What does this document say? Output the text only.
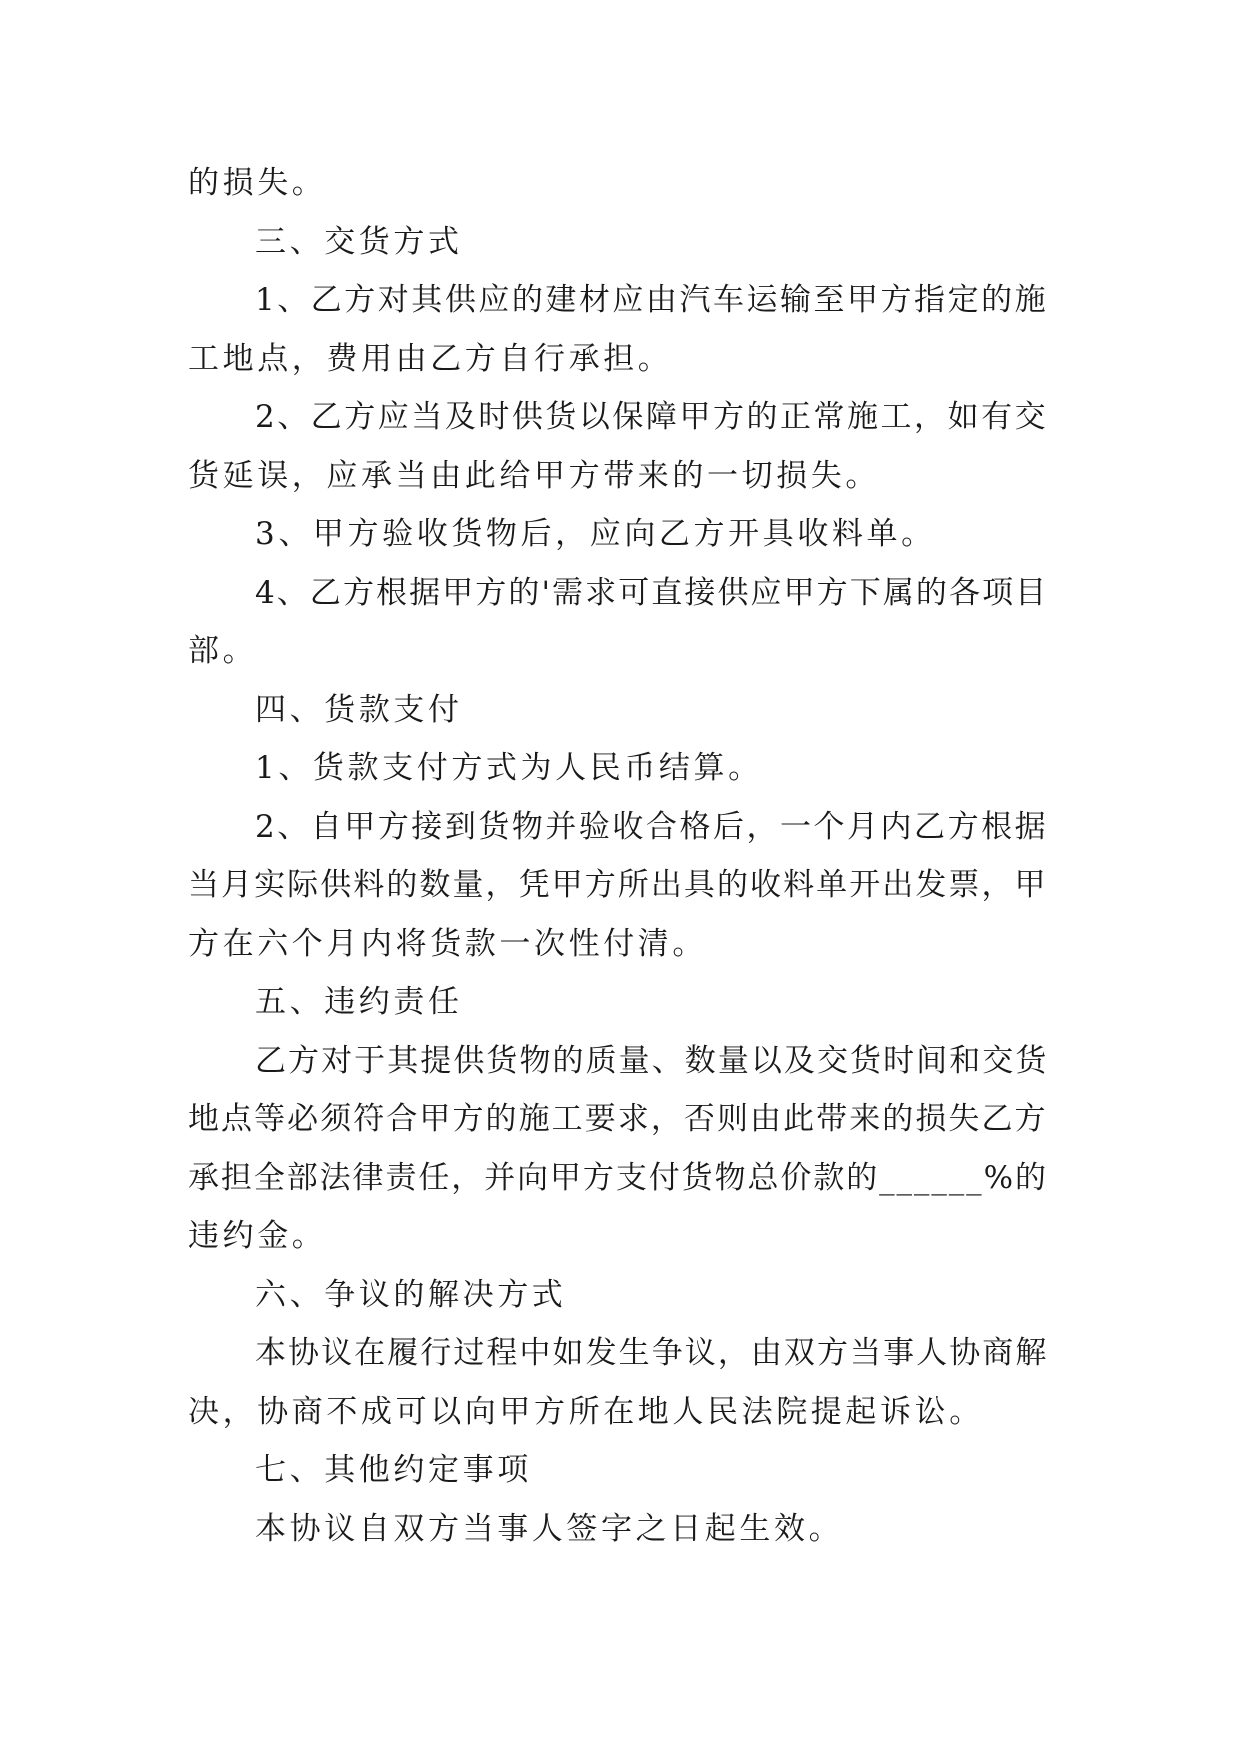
的损失。
三、交货方式
1、乙方对其供应的建材应由汽车运输至甲方指定的施
工地点，费用由乙方自行承担。
2、乙方应当及时供货以保障甲方的正常施工，如有交
货延误，应承当由此给甲方带来的一切损失。
3、甲方验收货物后，应向乙方开具收料单。
4、乙方根据甲方的'需求可直接供应甲方下属的各项目
部。
四、货款支付
1、货款支付方式为人民币结算。
2、自甲方接到货物并验收合格后，一个月内乙方根据
当月实际供料的数量，凭甲方所出具的收料单开出发票，甲
方在六个月内将货款一次性付清。
五、违约责任
乙方对于其提供货物的质量、数量以及交货时间和交货
地点等必须符合甲方的施工要求，否则由此带来的损失乙方
承担全部法律责任，并向甲方支付货物总价款的______%的
违约金。
六、争议的解决方式
本协议在履行过程中如发生争议，由双方当事人协商解
决，协商不成可以向甲方所在地人民法院提起诉讼。
七、其他约定事项
本协议自双方当事人签字之日起生效。
